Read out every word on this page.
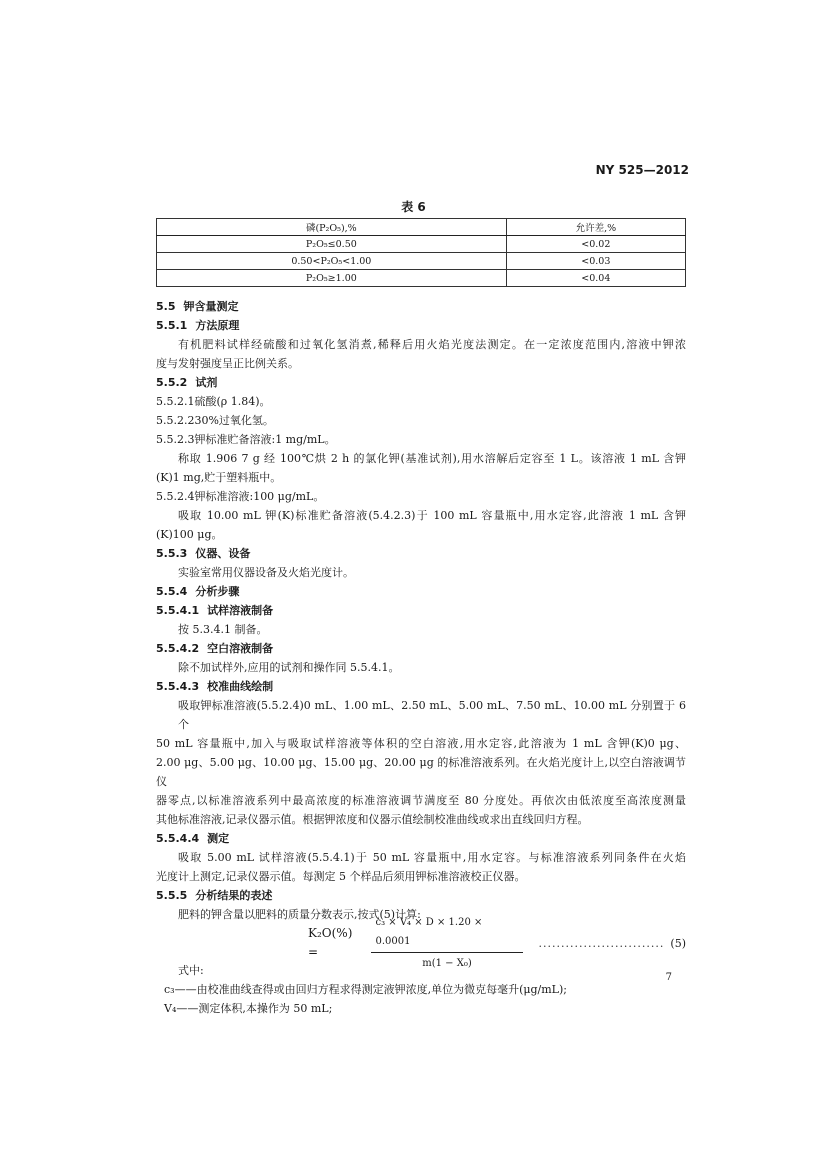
NY 525—2012
表 6
磷(P₂O₅),%	允许差,%
P₂O₅≤0.50	<0.02
0.50<P₂O₅<1.00	<0.03
P₂O₅≥1.00	<0.04
5.5 钾含量测定
5.5.1 方法原理
有机肥料试样经硫酸和过氧化氢消煮,稀释后用火焰光度法测定。在一定浓度范围内,溶液中钾浓
度与发射强度呈正比例关系。
5.5.2 试剂
5.5.2.1硫酸(ρ 1.84)。
5.5.2.230%过氧化氢。
5.5.2.3钾标准贮备溶液:1 mg/mL。
称取 1.906 7 g 经 100℃烘 2 h 的氯化钾(基准试剂),用水溶解后定容至 1 L。该溶液 1 mL 含钾
(K)1 mg,贮于塑料瓶中。
5.5.2.4钾标准溶液:100 μg/mL。
吸取 10.00 mL 钾(K)标准贮备溶液(5.4.2.3)于 100 mL 容量瓶中,用水定容,此溶液 1 mL 含钾
(K)100 μg。
5.5.3 仪器、设备
实验室常用仪器设备及火焰光度计。
5.5.4 分析步骤
5.5.4.1 试样溶液制备
按 5.3.4.1 制备。
5.5.4.2 空白溶液制备
除不加试样外,应用的试剂和操作同 5.5.4.1。
5.5.4.3 校准曲线绘制
吸取钾标准溶液(5.5.2.4)0 mL、1.00 mL、2.50 mL、5.00 mL、7.50 mL、10.00 mL 分别置于 6 个
50 mL 容量瓶中,加入与吸取试样溶液等体积的空白溶液,用水定容,此溶液为 1 mL 含钾(K)0 μg、
2.00 μg、5.00 μg、10.00 μg、15.00 μg、20.00 μg 的标准溶液系列。在火焰光度计上,以空白溶液调节仪
器零点,以标准溶液系列中最高浓度的标准溶液调节满度至 80 分度处。再依次由低浓度至高浓度测量
其他标准溶液,记录仪器示值。根据钾浓度和仪器示值绘制校准曲线或求出直线回归方程。
5.5.4.4 测定
吸取 5.00 mL 试样溶液(5.5.4.1)于 50 mL 容量瓶中,用水定容。与标准溶液系列同条件在火焰
光度计上测定,记录仪器示值。每测定 5 个样品后须用钾标准溶液校正仪器。
5.5.5 分析结果的表述
肥料的钾含量以肥料的质量分数表示,按式(5)计算:
K₂O(%) =	$\frac{\text{c₃ × V₄ × D × 1.20 × 0.0001}}{\text{m(1 − X₀)}}$ ............................ (5)
式中:
c₃——由校准曲线查得或由回归方程求得测定液钾浓度,单位为微克每毫升(μg/mL);
V₄——测定体积,本操作为 50 mL;
7
